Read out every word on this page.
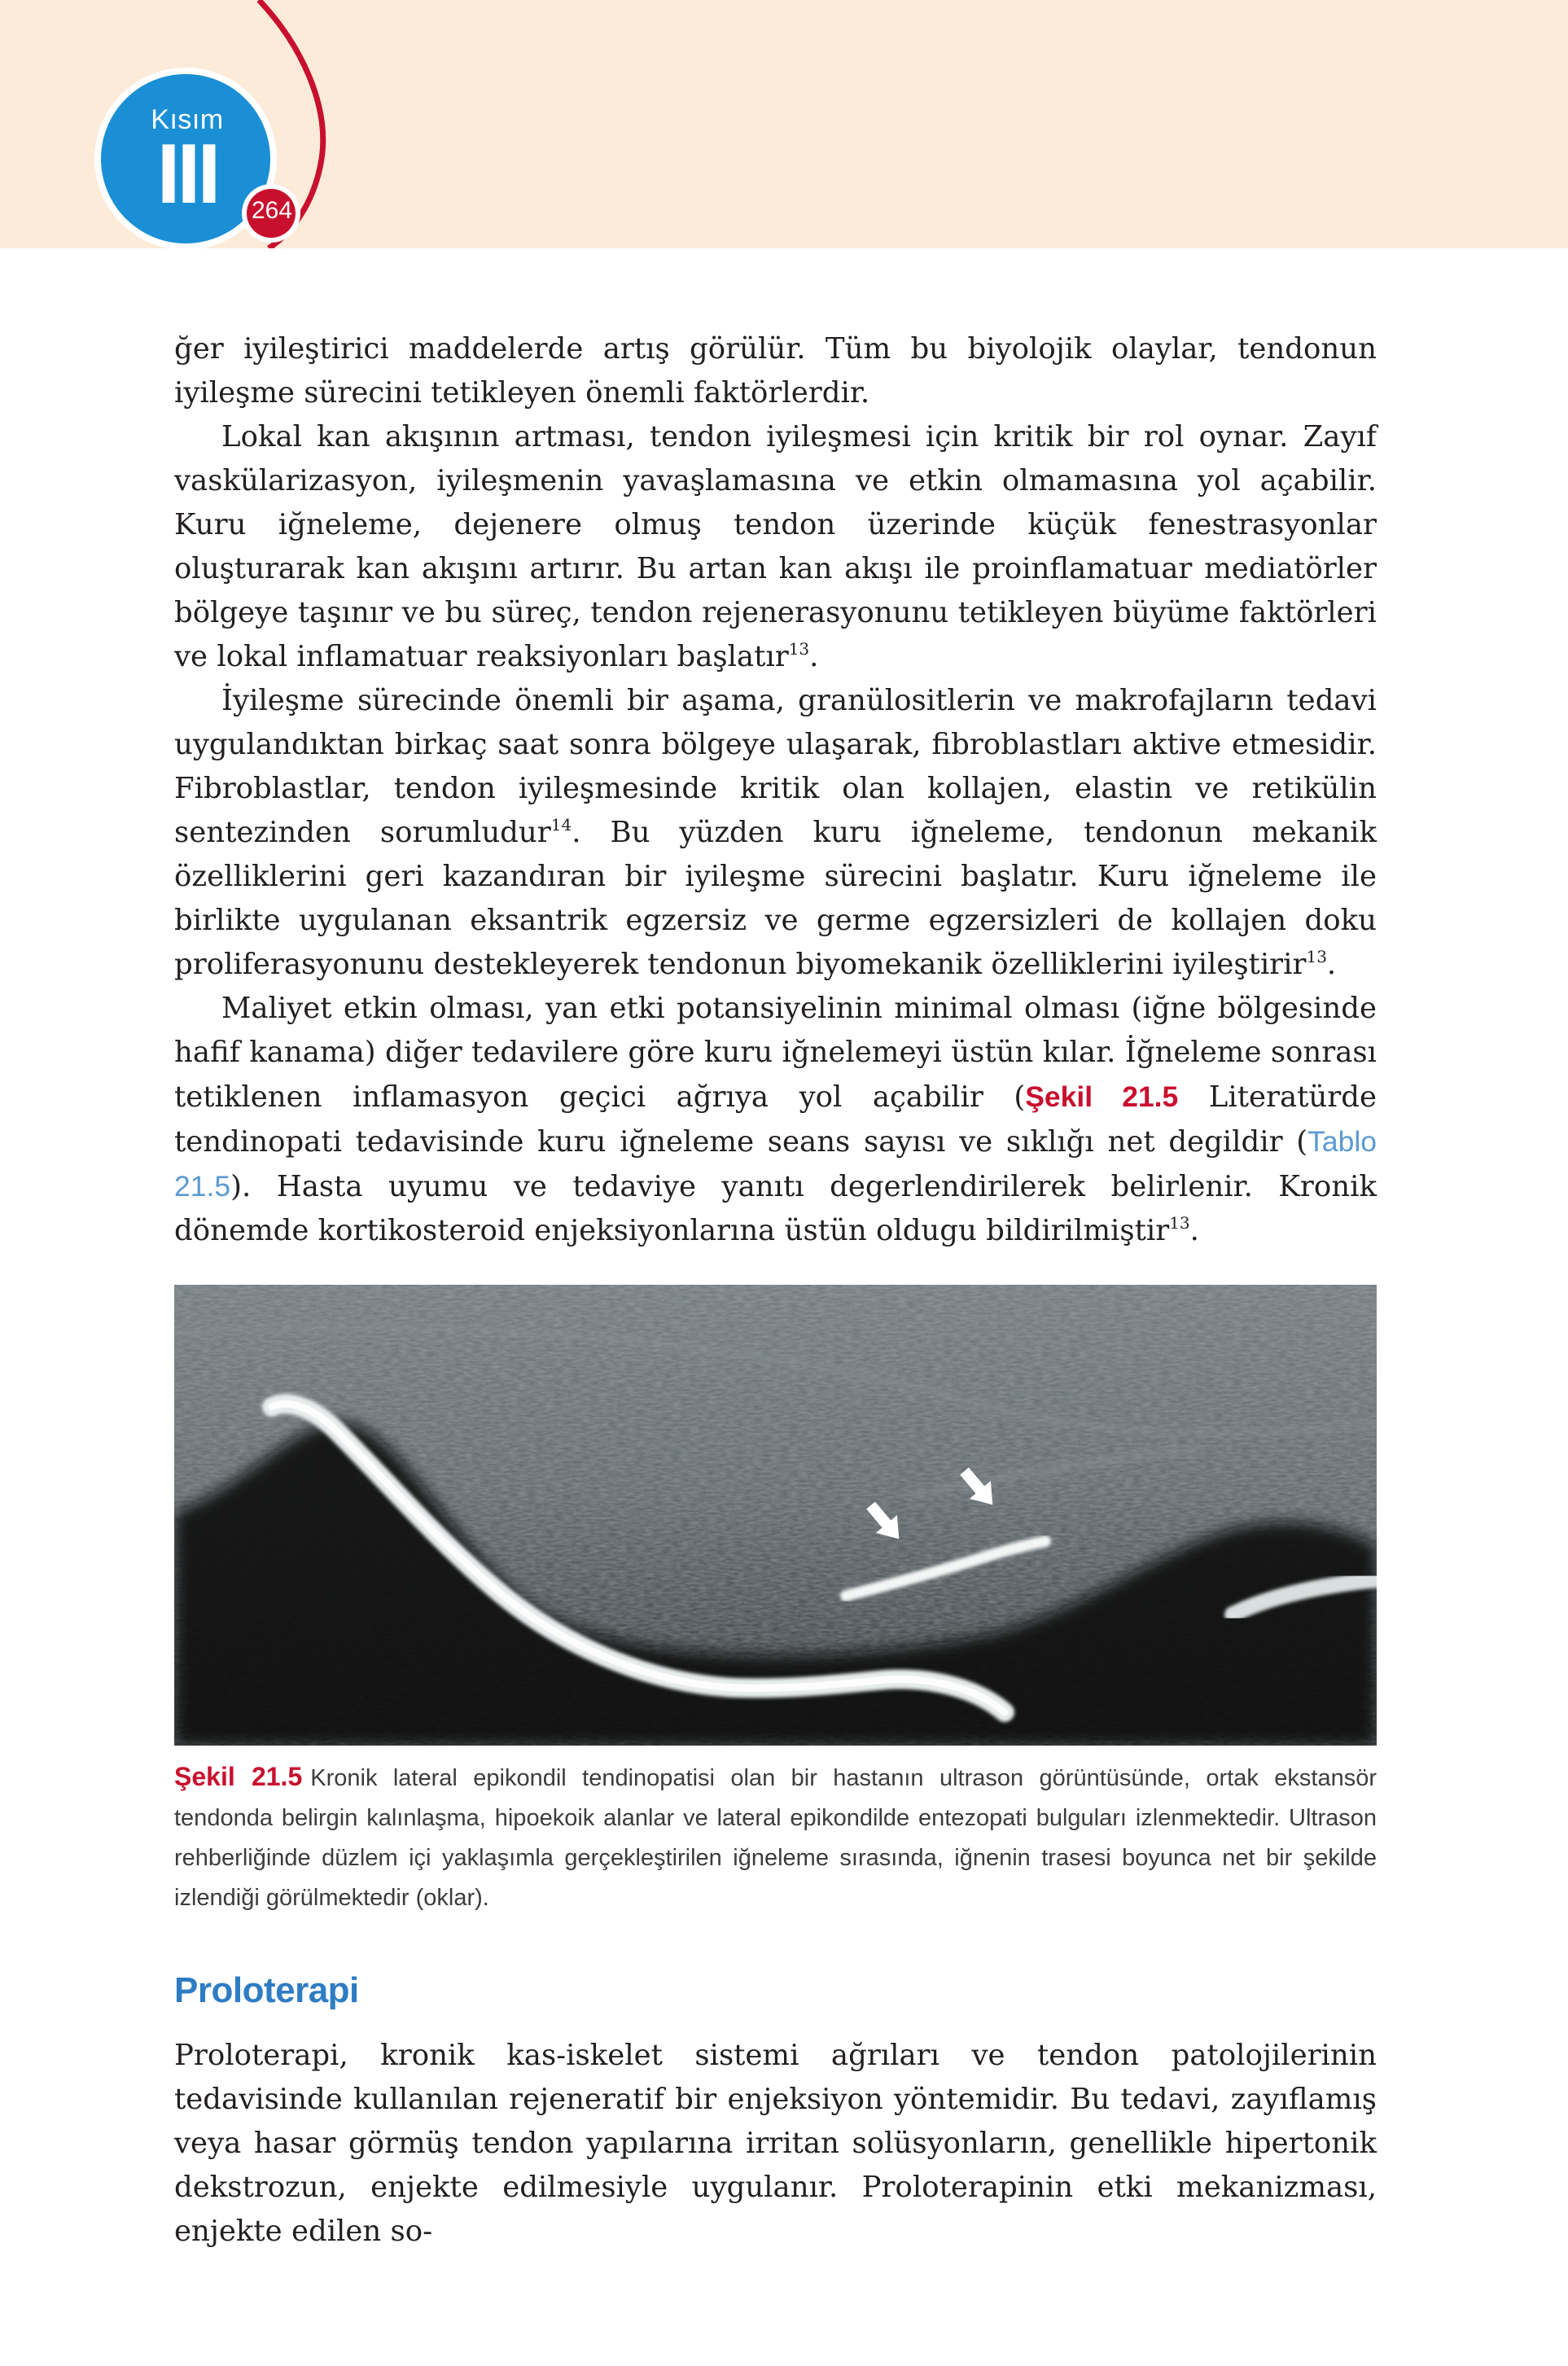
Kısım
III	264

ğer iyileştirici maddelerde artış görülür. Tüm bu biyolojik olaylar, tendonun iyileşme sürecini tetikleyen önemli faktörlerdir.

Lokal kan akışının artması, tendon iyileşmesi için kritik bir rol oynar. Zayıf vaskülarizasyon, iyileşmenin yavaşlamasına ve etkin olmamasına yol açabilir. Kuru iğneleme, dejenere olmuş tendon üzerinde küçük fenestrasyonlar oluşturarak kan akışını artırır. Bu artan kan akışı ile proinflamatuar mediatörler bölgeye taşınır ve bu süreç, tendon rejenerasyonunu tetikleyen büyüme faktörleri ve lokal inflamatuar reaksiyonları başlatır$^{13}$.

İyileşme sürecinde önemli bir aşama, granülositlerin ve makrofajların tedavi uygulandıktan birkaç saat sonra bölgeye ulaşarak, fibroblastları aktive etmesidir. Fibroblastlar, tendon iyileşmesinde kritik olan kollajen, elastin ve retikülin sentezinden sorumludur$^{14}$. Bu yüzden kuru iğneleme, tendonun mekanik özelliklerini geri kazandıran bir iyileşme sürecini başlatır. Kuru iğneleme ile birlikte uygulanan eksantrik egzersiz ve germe egzersizleri de kollajen doku proliferasyonunu destekleyerek tendonun biyomekanik özelliklerini iyileştirir$^{13}$.

Maliyet etkin olması, yan etki potansiyelinin minimal olması (iğne bölgesinde hafif kanama) diğer tedavilere göre kuru iğnelemeyi üstün kılar. İğneleme sonrası tetiklenen inflamasyon geçici ağrıya yol açabilir (Şekil 21.5 Literatürde tendinopati tedavisinde kuru iğneleme seans sayısı ve sıklığı net degildir (Tablo 21.5). Hasta uyumu ve tedaviye yanıtı degerlendirilerek belirlenir. Kronik dönemde kortikosteroid enjeksiyonlarına üstün oldugu bildirilmiştir$^{13}$.

Şekil 21.5 Kronik lateral epikondil tendinopatisi olan bir hastanın ultrason görüntüsünde, ortak ekstansör tendonda belirgin kalınlaşma, hipoekoik alanlar ve lateral epikondilde entezopati bulguları izlenmektedir. Ultrason rehberliğinde düzlem içi yaklaşımla gerçekleştirilen iğneleme sırasında, iğnenin trasesi boyunca net bir şekilde izlendiği görülmektedir (oklar).
Proloterapi

Proloterapi, kronik kas-iskelet sistemi ağrıları ve tendon patolojilerinin tedavisinde kullanılan rejeneratif bir enjeksiyon yöntemidir. Bu tedavi, zayıflamış veya hasar görmüş tendon yapılarına irritan solüsyonların, genellikle hipertonik dekstrozun, enjekte edilmesiyle uygulanır. Proloterapinin etki mekanizması, enjekte edilen so-
